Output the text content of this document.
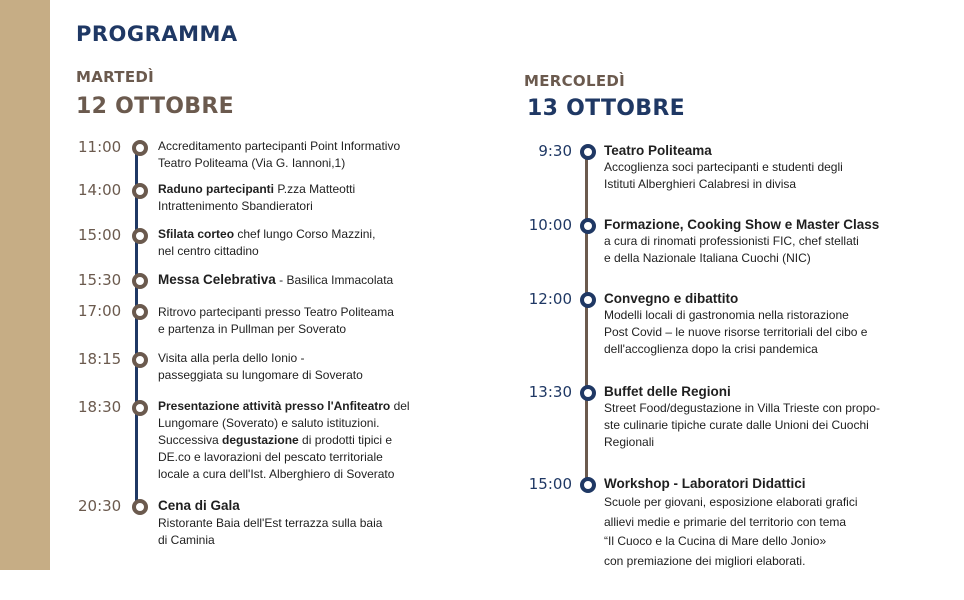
PROGRAMMA
MARTEDÌ
12 OTTOBRE
11:00	Accreditamento partecipanti Point Informativo
Teatro Politeama (Via G. Iannoni,1)
14:00	Raduno partecipanti P.zza Matteotti
Intrattenimento Sbandieratori
15:00	Sfilata corteo chef lungo Corso Mazzini,
nel centro cittadino
15:30	Messa Celebrativa - Basilica Immacolata
17:00	Ritrovo partecipanti presso Teatro Politeama
e partenza in Pullman per Soverato
18:15	Visita alla perla dello Ionio -
passeggiata su lungomare di Soverato
18:30	Presentazione attività presso l'Anfiteatro del
Lungomare (Soverato) e saluto istituzioni.
Successiva degustazione di prodotti tipici e
DE.co e lavorazioni del pescato territoriale
locale a cura dell'Ist. Alberghiero di Soverato
20:30	Cena di Gala
Ristorante Baia dell'Est terrazza sulla baia
di Caminia
MERCOLEDÌ
13 OTTOBRE
9:30 Teatro Politeama
Accoglienza soci partecipanti e studenti degli
Istituti Alberghieri Calabresi in divisa
10:00 Formazione, Cooking Show e Master Class
a cura di rinomati professionisti FIC, chef stellati
e della Nazionale Italiana Cuochi (NIC)
12:00 Convegno e dibattito
Modelli locali di gastronomia nella ristorazione
Post Covid – le nuove risorse territoriali del cibo e
dell'accoglienza dopo la crisi pandemica
13:30 Buffet delle Regioni
Street Food/degustazione in Villa Trieste con propo-
ste culinarie tipiche curate dalle Unioni dei Cuochi
Regionali
15:00 Workshop - Laboratori Didattici
Scuole per giovani, esposizione elaborati grafici
allievi medie e primarie del territorio con tema
“Il Cuoco e la Cucina di Mare dello Jonio»
con premiazione dei migliori elaborati.
